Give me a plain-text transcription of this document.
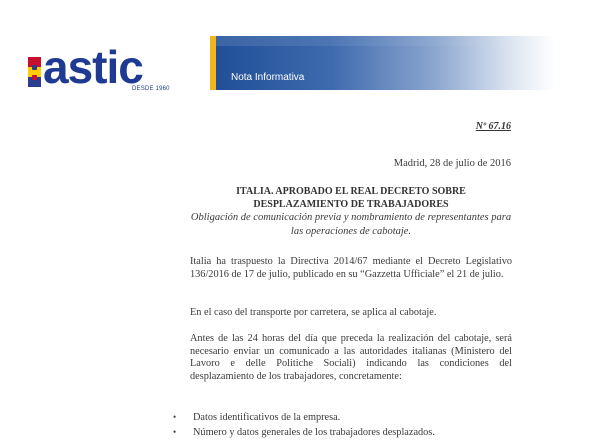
astic
DESDE 1960
Nota Informativa
Nº 67.16
Madrid, 28 de julio de 2016
ITALIA. APROBADO EL REAL DECRETO SOBRE DESPLAZAMIENTO DE TRABAJADORES
Obligación de comunicación previa y nombramiento de representantes para las operaciones de cabotaje.
Italia ha traspuesto la Directiva 2014/67 mediante el Decreto Legislativo 136/2016 de 17 de julio, publicado en su “Gazzetta Ufficiale” el 21 de julio.
En el caso del transporte por carretera, se aplica al cabotaje.
Antes de las 24 horas del día que preceda la realización del cabotaje, será necesario enviar un comunicado a las autoridades italianas (Ministero del Lavoro e delle Politiche Sociali) indicando las condiciones del desplazamiento de los trabajadores, concretamente:
• Datos identificativos de la empresa.
• Número y datos generales de los trabajadores desplazados.
